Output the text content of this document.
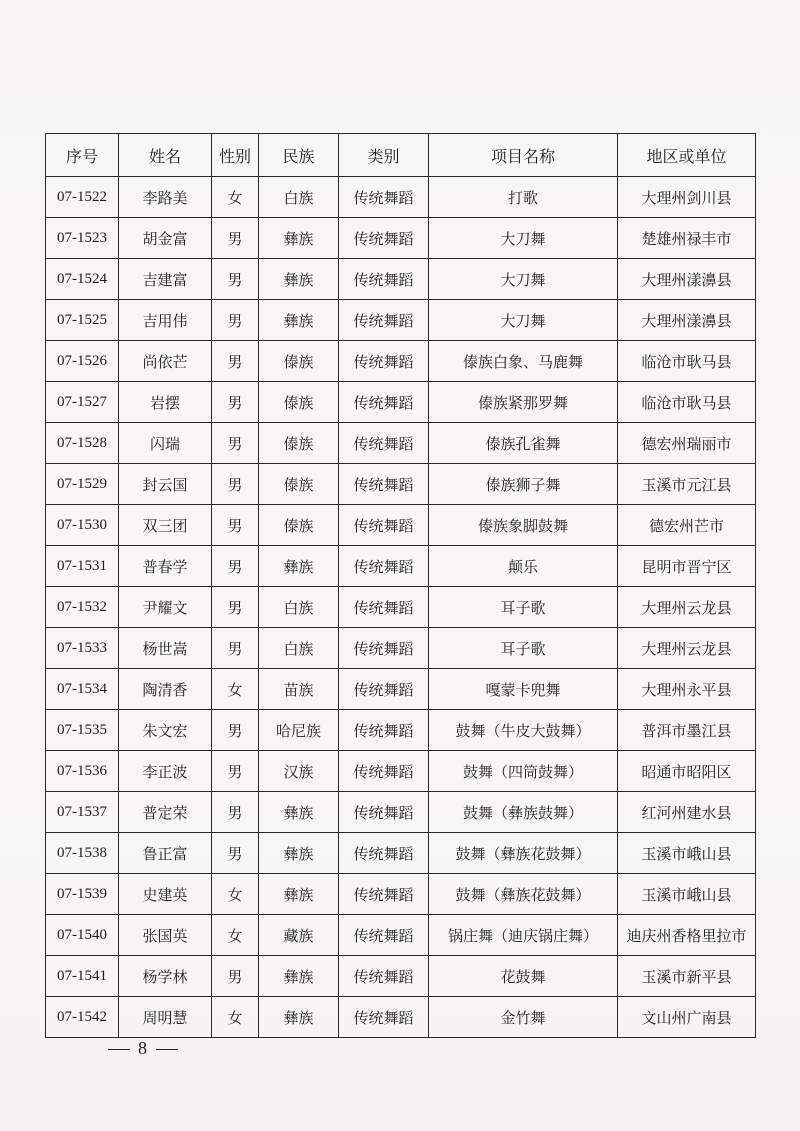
序号	姓名	性别	民族	类别	项目名称	地区或单位
07-1522	李路美	女	白族	传统舞蹈	打歌	大理州剑川县
07-1523	胡金富	男	彝族	传统舞蹈	大刀舞	楚雄州禄丰市
07-1524	吉建富	男	彝族	传统舞蹈	大刀舞	大理州漾濞县
07-1525	吉用伟	男	彝族	传统舞蹈	大刀舞	大理州漾濞县
07-1526	尚依芒	男	傣族	传统舞蹈	傣族白象、马鹿舞	临沧市耿马县
07-1527	岩摆	男	傣族	传统舞蹈	傣族紧那罗舞	临沧市耿马县
07-1528	闪瑞	男	傣族	传统舞蹈	傣族孔雀舞	德宏州瑞丽市
07-1529	封云国	男	傣族	传统舞蹈	傣族狮子舞	玉溪市元江县
07-1530	双三团	男	傣族	传统舞蹈	傣族象脚鼓舞	德宏州芒市
07-1531	普春学	男	彝族	传统舞蹈	颠乐	昆明市晋宁区
07-1532	尹耀文	男	白族	传统舞蹈	耳子歌	大理州云龙县
07-1533	杨世嵩	男	白族	传统舞蹈	耳子歌	大理州云龙县
07-1534	陶清香	女	苗族	传统舞蹈	嘎蒙卡兜舞	大理州永平县
07-1535	朱文宏	男	哈尼族	传统舞蹈	鼓舞（牛皮大鼓舞）	普洱市墨江县
07-1536	李正波	男	汉族	传统舞蹈	鼓舞（四筒鼓舞）	昭通市昭阳区
07-1537	普定荣	男	彝族	传统舞蹈	鼓舞（彝族鼓舞）	红河州建水县
07-1538	鲁正富	男	彝族	传统舞蹈	鼓舞（彝族花鼓舞）	玉溪市峨山县
07-1539	史建英	女	彝族	传统舞蹈	鼓舞（彝族花鼓舞）	玉溪市峨山县
07-1540	张国英	女	藏族	传统舞蹈	锅庄舞（迪庆锅庄舞）	迪庆州香格里拉市
07-1541	杨学林	男	彝族	传统舞蹈	花鼓舞	玉溪市新平县
07-1542	周明慧	女	彝族	传统舞蹈	金竹舞	文山州广南县
8
